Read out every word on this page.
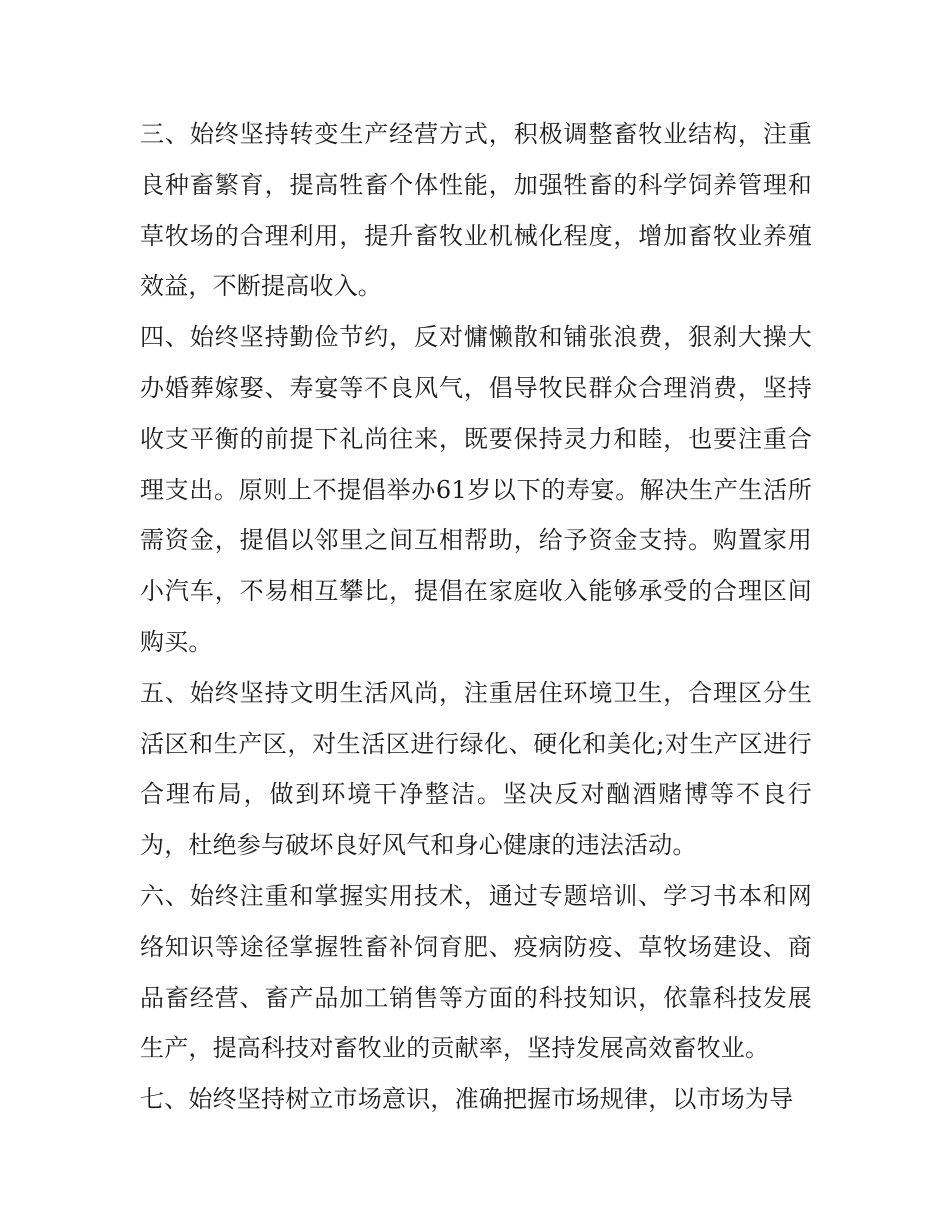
三、始终坚持转变生产经营方式，积极调整畜牧业结构，注重良种畜繁育，提高牲畜个体性能，加强牲畜的科学饲养管理和草牧场的合理利用，提升畜牧业机械化程度，增加畜牧业养殖效益，不断提高收入。

四、始终坚持勤俭节约，反对慵懒散和铺张浪费，狠刹大操大办婚葬嫁娶、寿宴等不良风气，倡导牧民群众合理消费，坚持收支平衡的前提下礼尚往来，既要保持灵力和睦，也要注重合理支出。原则上不提倡举办61岁以下的寿宴。解决生产生活所需资金，提倡以邻里之间互相帮助，给予资金支持。购置家用小汽车，不易相互攀比，提倡在家庭收入能够承受的合理区间购买。

五、始终坚持文明生活风尚，注重居住环境卫生，合理区分生活区和生产区，对生活区进行绿化、硬化和美化;对生产区进行合理布局，做到环境干净整洁。坚决反对酗酒赌博等不良行为，杜绝参与破坏良好风气和身心健康的违法活动。

六、始终注重和掌握实用技术，通过专题培训、学习书本和网络知识等途径掌握牲畜补饲育肥、疫病防疫、草牧场建设、商品畜经营、畜产品加工销售等方面的科技知识，依靠科技发展生产，提高科技对畜牧业的贡献率，坚持发展高效畜牧业。

七、始终坚持树立市场意识，准确把握市场规律，以市场为导
